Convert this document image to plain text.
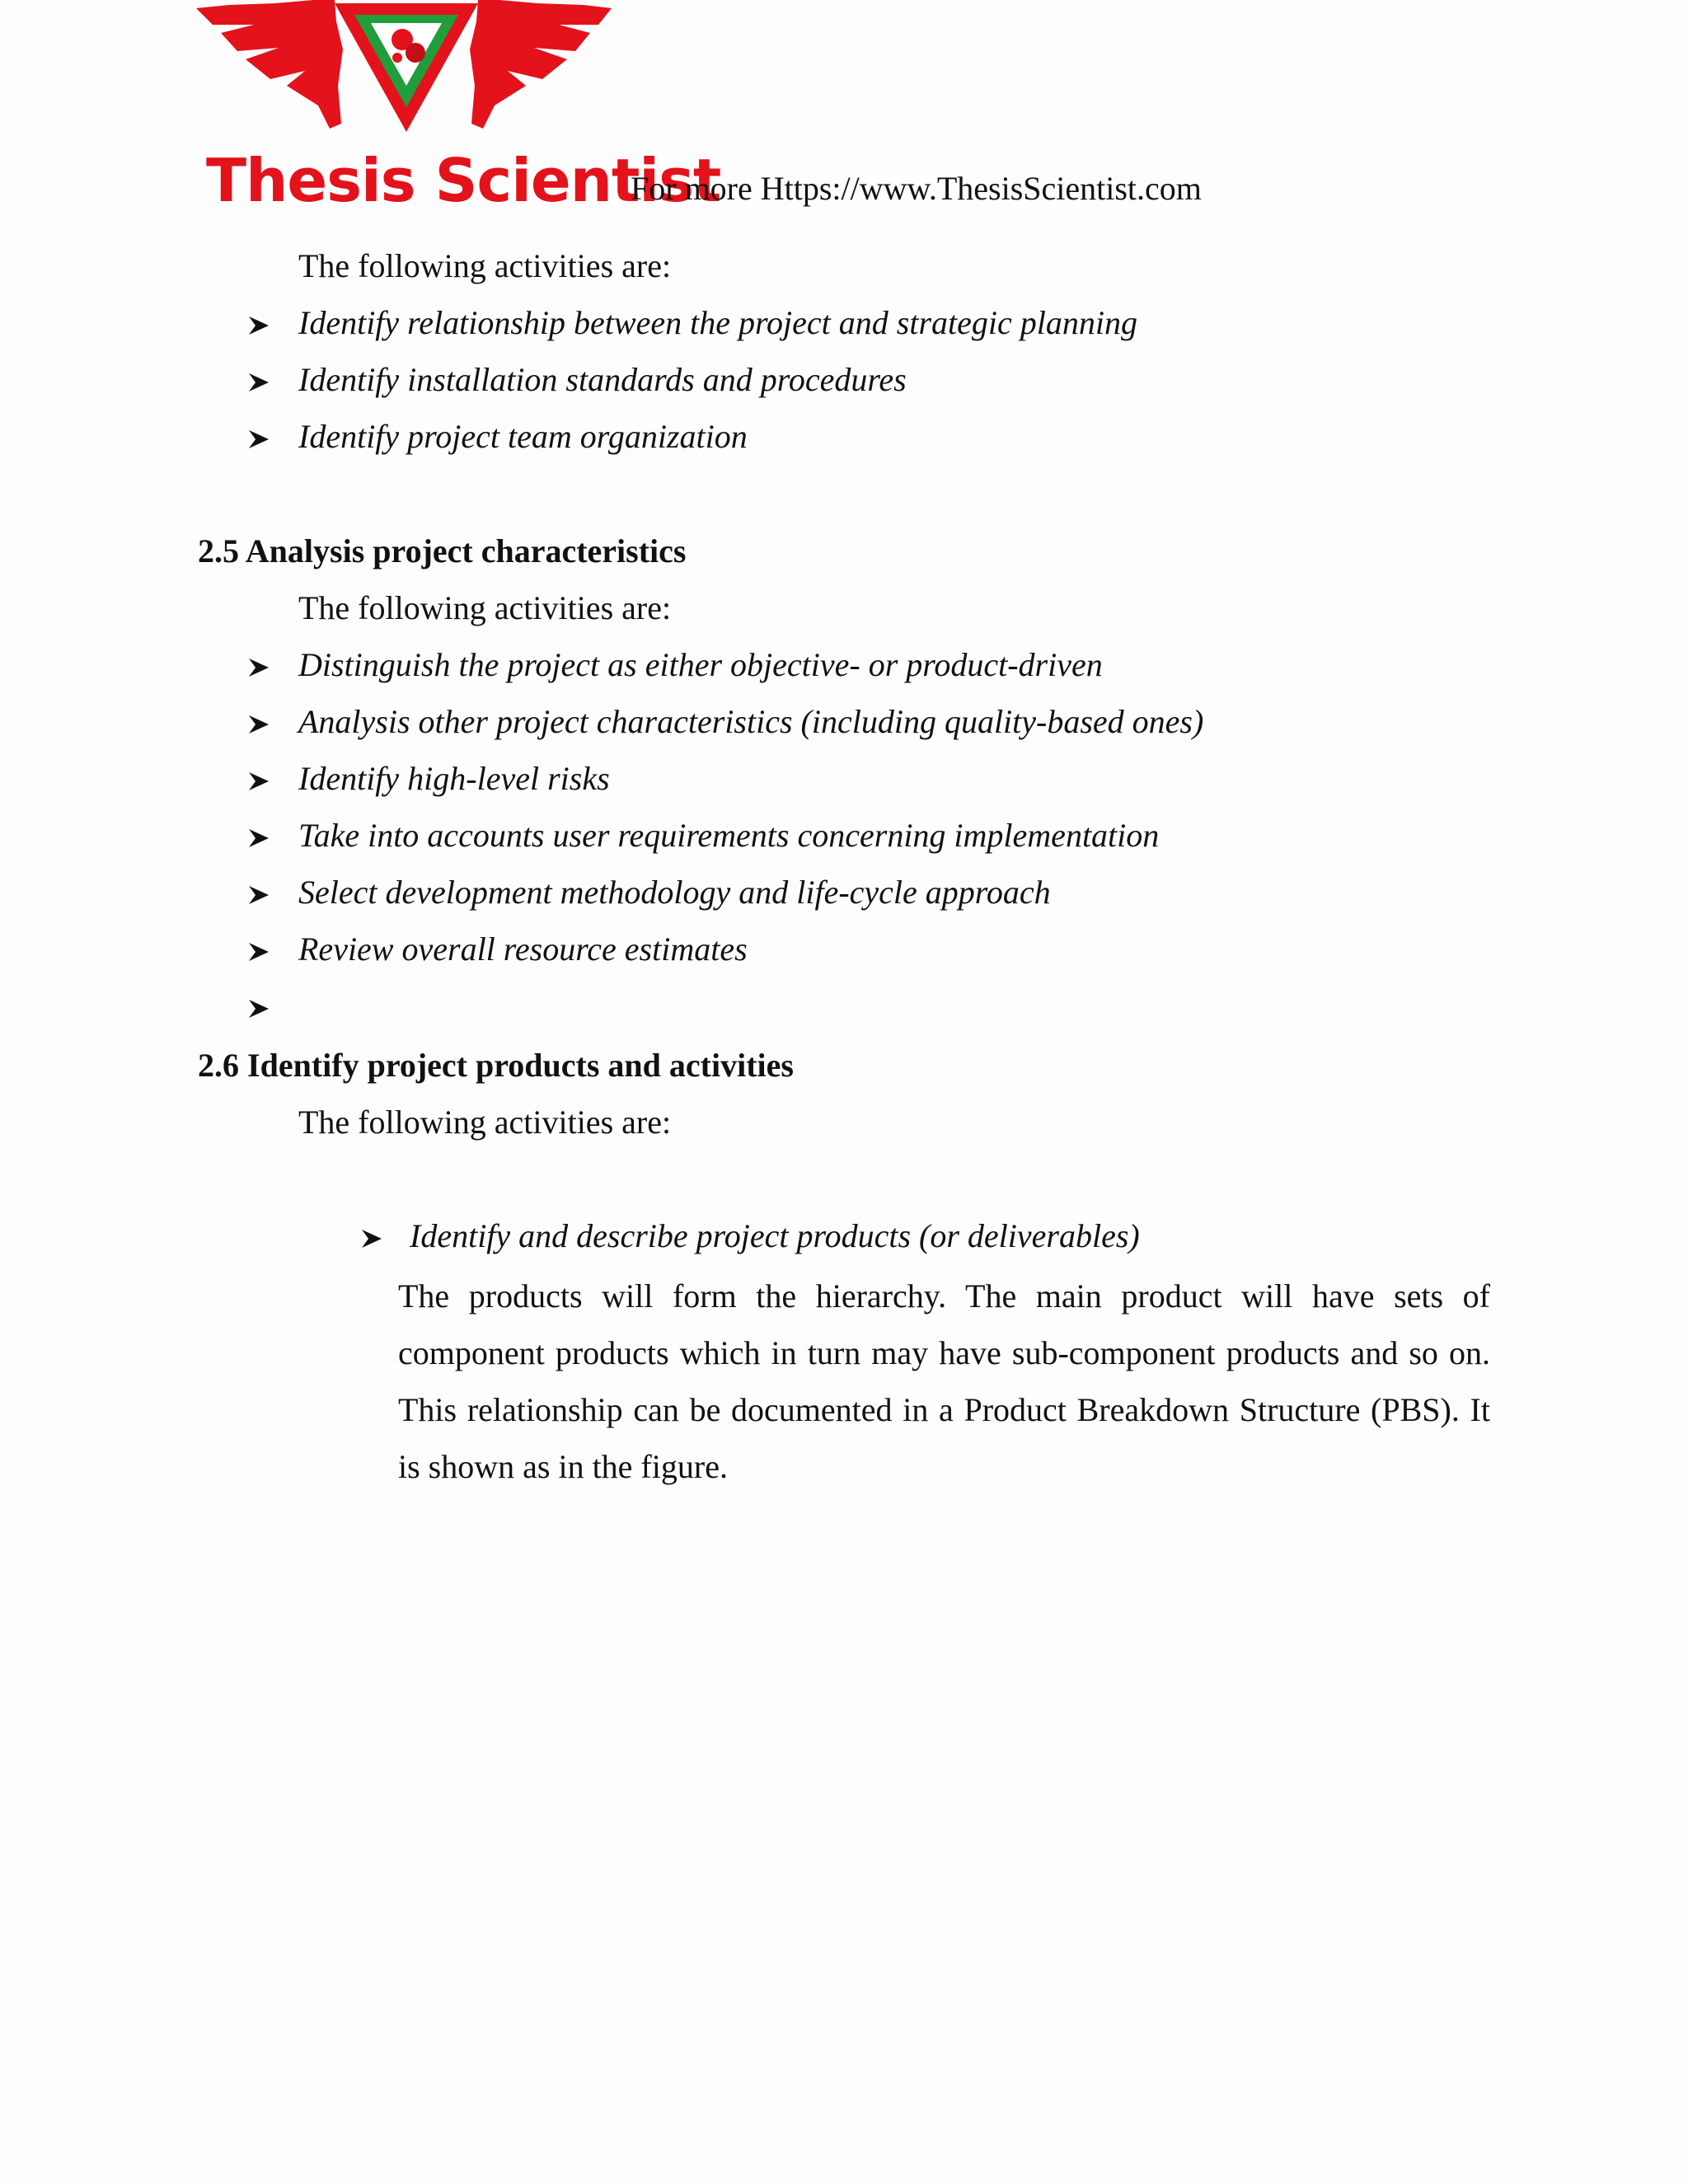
Thesis Scientist
For more Https://www.ThesisScientist.com
The following activities are:
Identify relationship between the project and strategic planning
Identify installation standards and procedures
Identify project team organization
2.5 Analysis project characteristics
The following activities are:
Distinguish the project as either objective- or product-driven
Analysis other project characteristics (including quality-based ones)
Identify high-level risks
Take into accounts user requirements concerning implementation
Select development methodology and life-cycle approach
Review overall resource estimates
2.6 Identify project products and activities
The following activities are:
Identify and describe project products (or deliverables)
The products will form the hierarchy. The main product will have sets of component products which in turn may have sub-component products and so on. This relationship can be documented in a Product Breakdown Structure (PBS). It is shown as in the figure.
